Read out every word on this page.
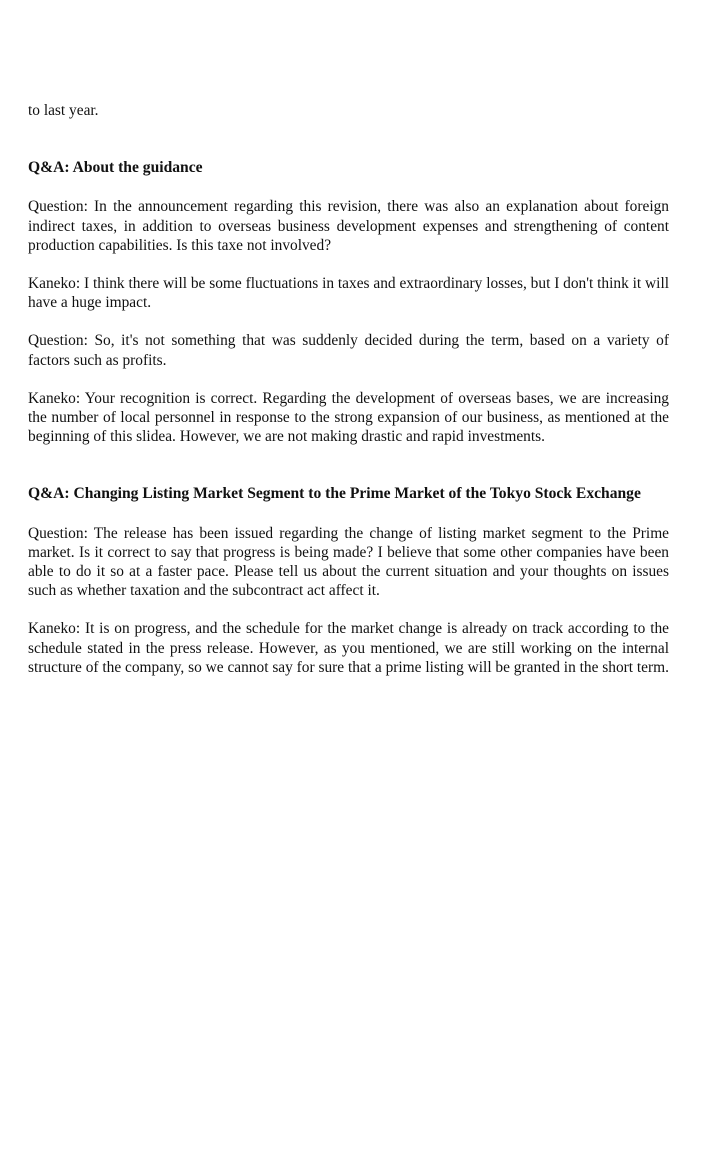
to last year.

Q&A: About the guidance

Question: In the announcement regarding this revision, there was also an explanation about foreign indirect taxes, in addition to overseas business development expenses and strengthening of content production capabilities. Is this taxe not involved?

Kaneko: I think there will be some fluctuations in taxes and extraordinary losses, but I don't think it will have a huge impact.

Question: So, it's not something that was suddenly decided during the term, based on a variety of factors such as profits.

Kaneko: Your recognition is correct. Regarding the development of overseas bases, we are increasing the number of local personnel in response to the strong expansion of our business, as mentioned at the beginning of this slidea. However, we are not making drastic and rapid investments.

Q&A: Changing Listing Market Segment to the Prime Market of the Tokyo Stock Exchange

Question: The release has been issued regarding the change of listing market segment to the Prime market. Is it correct to say that progress is being made? I believe that some other companies have been able to do it so at a faster pace. Please tell us about the current situation and your thoughts on issues such as whether taxation and the subcontract act affect it.

Kaneko: It is on progress, and the schedule for the market change is already on track according to the schedule stated in the press release. However, as you mentioned, we are still working on the internal structure of the company, so we cannot say for sure that a prime listing will be granted in the short term.
